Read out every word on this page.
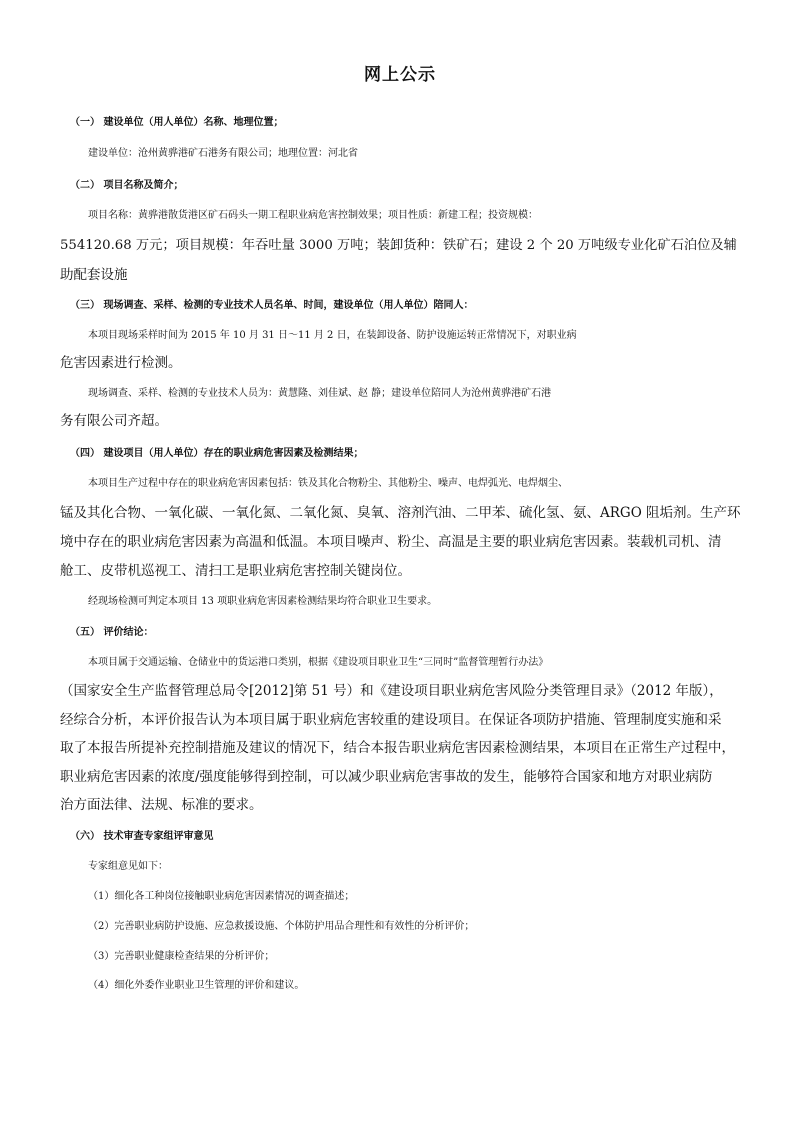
网上公示
（一） 建设单位（用人单位）名称、地理位置；
建设单位：沧州黄骅港矿石港务有限公司；地理位置：河北省
（二） 项目名称及简介；
项目名称：黄骅港散货港区矿石码头一期工程职业病危害控制效果；项目性质：新建工程；投资规模：
554120.68 万元；项目规模：年吞吐量 3000 万吨；装卸货种：铁矿石；建设 2 个 20 万吨级专业化矿石泊位及辅
助配套设施
（三） 现场调查、采样、检测的专业技术人员名单、时间，建设单位（用人单位）陪同人：
本项目现场采样时间为 2015 年 10 月 31 日～11 月 2 日，在装卸设备、防护设施运转正常情况下，对职业病
危害因素进行检测。
现场调查、采样、检测的专业技术人员为：黄慧隆、刘佳斌、赵 静；建设单位陪同人为沧州黄骅港矿石港
务有限公司齐超。
（四） 建设项目（用人单位）存在的职业病危害因素及检测结果；
本项目生产过程中存在的职业病危害因素包括：铁及其化合物粉尘、其他粉尘、噪声、电焊弧光、电焊烟尘、
锰及其化合物、一氧化碳、一氧化氮、二氧化氮、臭氧、溶剂汽油、二甲苯、硫化氢、氨、ARGO 阻垢剂。生产环
境中存在的职业病危害因素为高温和低温。本项目噪声、粉尘、高温是主要的职业病危害因素。装载机司机、清
舱工、皮带机巡视工、清扫工是职业病危害控制关键岗位。
经现场检测可判定本项目 13 项职业病危害因素检测结果均符合职业卫生要求。
（五） 评价结论：
本项目属于交通运输、仓储业中的货运港口类别，根据《建设项目职业卫生“三同时”监督管理暂行办法》
（国家安全生产监督管理总局令[2012]第 51 号）和《建设项目职业病危害风险分类管理目录》（2012 年版），
经综合分析，本评价报告认为本项目属于职业病危害较重的建设项目。在保证各项防护措施、管理制度实施和采
取了本报告所提补充控制措施及建议的情况下，结合本报告职业病危害因素检测结果，本项目在正常生产过程中，
职业病危害因素的浓度/强度能够得到控制，可以减少职业病危害事故的发生，能够符合国家和地方对职业病防
治方面法律、法规、标准的要求。
（六） 技术审查专家组评审意见
专家组意见如下：
（1）细化各工种岗位接触职业病危害因素情况的调查描述；
（2）完善职业病防护设施、应急救援设施、个体防护用品合理性和有效性的分析评价；
（3）完善职业健康检查结果的分析评价；
（4）细化外委作业职业卫生管理的评价和建议。
